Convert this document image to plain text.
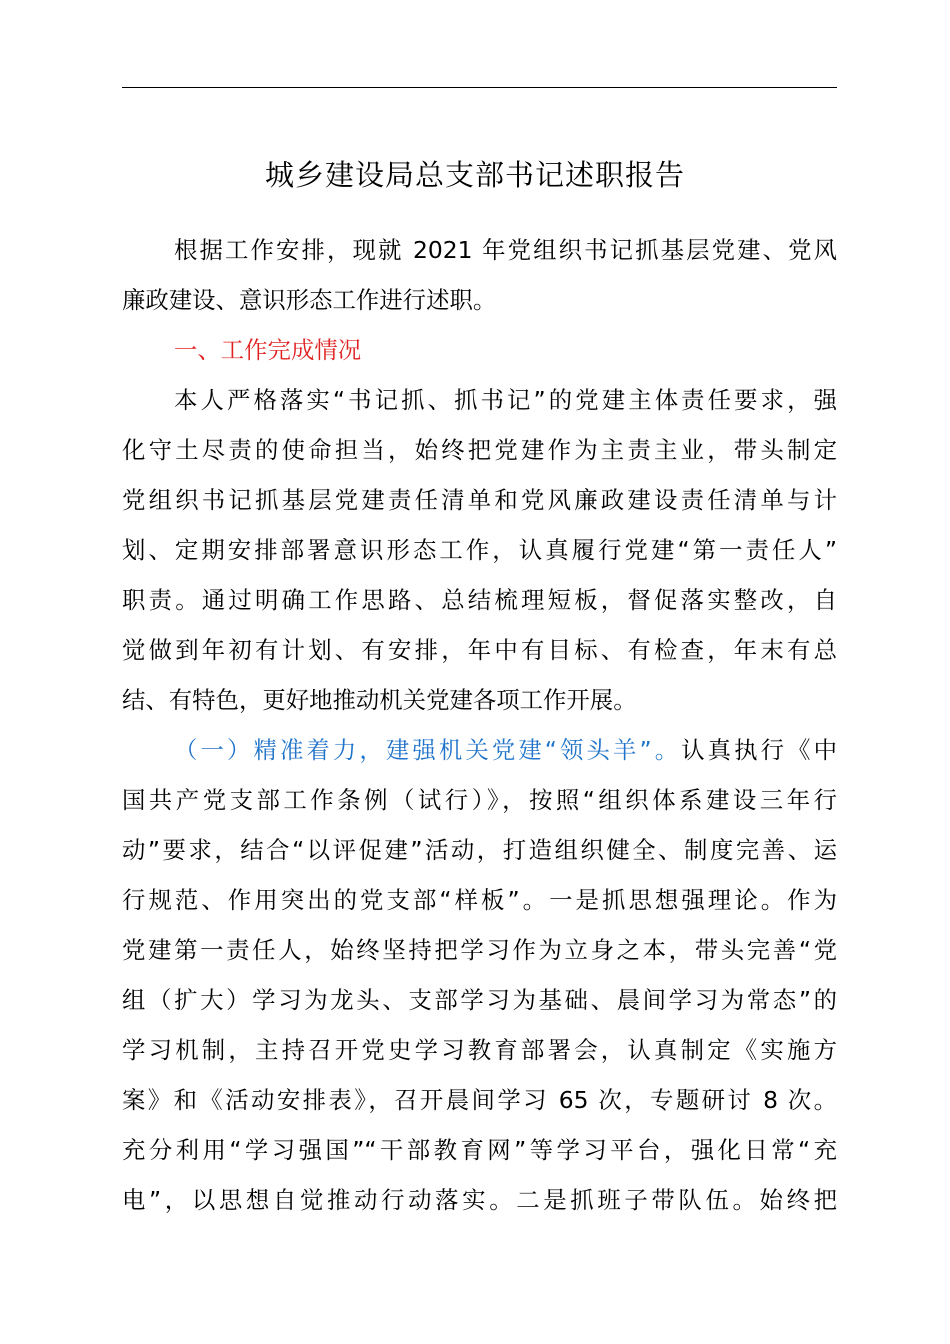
城乡建设局总支部书记述职报告
根据工作安排，现就 2021 年党组织书记抓基层党建、党风
廉政建设、意识形态工作进行述职。
一、工作完成情况
本人严格落实“书记抓、抓书记”的党建主体责任要求，强
化守土尽责的使命担当，始终把党建作为主责主业，带头制定
党组织书记抓基层党建责任清单和党风廉政建设责任清单与计
划、定期安排部署意识形态工作，认真履行党建“第一责任人”
职责。通过明确工作思路、总结梳理短板，督促落实整改，自
觉做到年初有计划、有安排，年中有目标、有检查，年末有总
结、有特色，更好地推动机关党建各项工作开展。
（一）精准着力，建强机关党建“领头羊”。认真执行《中
国共产党支部工作条例（试行）》，按照“组织体系建设三年行
动”要求，结合“以评促建”活动，打造组织健全、制度完善、运
行规范、作用突出的党支部“样板”。一是抓思想强理论。作为
党建第一责任人，始终坚持把学习作为立身之本，带头完善“党
组（扩大）学习为龙头、支部学习为基础、晨间学习为常态”的
学习机制，主持召开党史学习教育部署会，认真制定《实施方
案》和《活动安排表》，召开晨间学习 65 次，专题研讨 8 次。
充分利用“学习强国”“干部教育网”等学习平台，强化日常“充
电”，以思想自觉推动行动落实。二是抓班子带队伍。始终把
